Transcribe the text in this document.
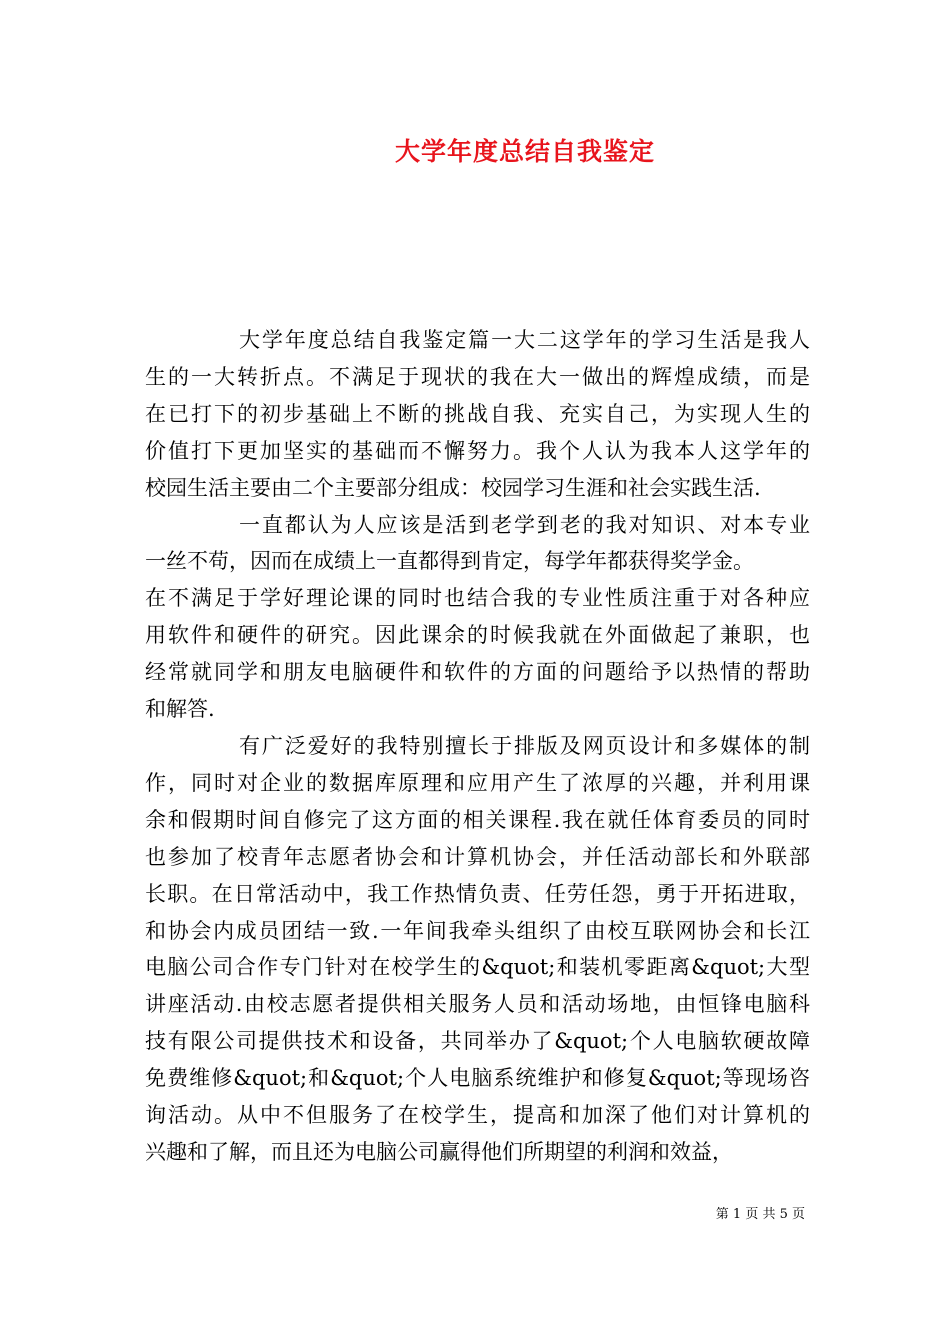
大学年度总结自我鉴定

大学年度总结自我鉴定篇一大二这学年的学习生活是我人
生的一大转折点。不满足于现状的我在大一做出的辉煌成绩，而是
在已打下的初步基础上不断的挑战自我、充实自己，为实现人生的
价值打下更加坚实的基础而不懈努力。我个人认为我本人这学年的
校园生活主要由二个主要部分组成：校园学习生涯和社会实践生活.

一直都认为人应该是活到老学到老的我对知识、对本专业
一丝不苟，因而在成绩上一直都得到肯定，每学年都获得奖学金。
在不满足于学好理论课的同时也结合我的专业性质注重于对各种应
用软件和硬件的研究。因此课余的时候我就在外面做起了兼职，也
经常就同学和朋友电脑硬件和软件的方面的问题给予以热情的帮助
和解答.

有广泛爱好的我特别擅长于排版及网页设计和多媒体的制
作，同时对企业的数据库原理和应用产生了浓厚的兴趣，并利用课
余和假期时间自修完了这方面的相关课程.我在就任体育委员的同时
也参加了校青年志愿者协会和计算机协会，并任活动部长和外联部
长职。在日常活动中，我工作热情负责、任劳任怨，勇于开拓进取，
和协会内成员团结一致.一年间我牵头组织了由校互联网协会和长江
电脑公司合作专门针对在校学生的&quot;和装机零距离&quot;大型
讲座活动.由校志愿者提供相关服务人员和活动场地，由恒锋电脑科
技有限公司提供技术和设备，共同举办了&quot;个人电脑软硬故障
免费维修&quot;和&quot;个人电脑系统维护和修复&quot;等现场咨
询活动。从中不但服务了在校学生，提高和加深了他们对计算机的
兴趣和了解，而且还为电脑公司赢得他们所期望的利润和效益，

第 1 页 共 5 页
